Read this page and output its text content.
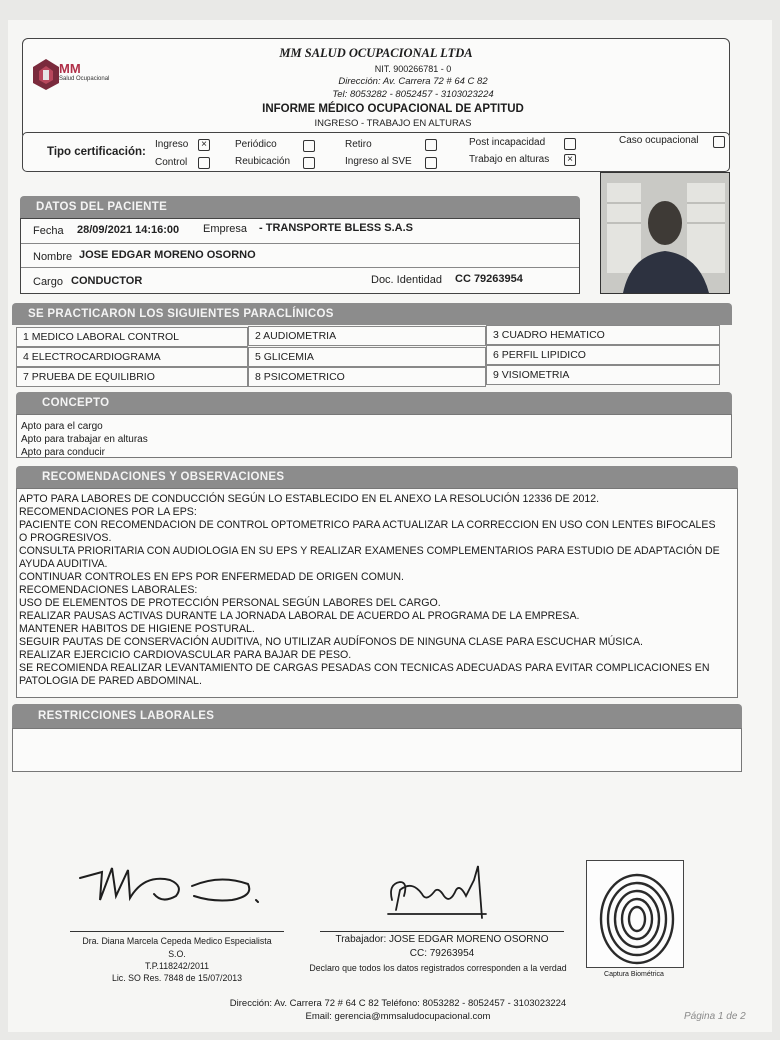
MM
Salud Ocupacional
MM SALUD OCUPACIONAL LTDA
NIT. 900266781 - 0
Dirección: Av. Carrera 72 # 64 C 82
Tel: 8053282 - 8052457 - 3103023224
INFORME MÉDICO OCUPACIONAL DE APTITUD
INGRESO - TRABAJO EN ALTURAS
Tipo certificación:
Ingreso	×	Periódico	Retiro	Post incapacidad	Caso ocupacional
Control	Reubicación	Ingreso al SVE	Trabajo en alturas	×
DATOS DEL PACIENTE
Fecha 28/09/2021 14:16:00 Empresa - TRANSPORTE BLESS S.A.S
Nombre JOSE EDGAR MORENO OSORNO
Cargo CONDUCTOR	Doc. Identidad CC 79263954
SE PRACTICARON LOS SIGUIENTES PARACLÍNICOS
1 MEDICO LABORAL CONTROL	2 AUDIOMETRIA	3 CUADRO HEMATICO
4 ELECTROCARDIOGRAMA	5 GLICEMIA	6 PERFIL LIPIDICO
7 PRUEBA DE EQUILIBRIO	8 PSICOMETRICO	9 VISIOMETRIA
CONCEPTO
Apto para el cargo
Apto para trabajar en alturas
Apto para conducir
RECOMENDACIONES Y OBSERVACIONES
APTO PARA LABORES DE CONDUCCIÓN SEGÚN LO ESTABLECIDO EN EL ANEXO LA RESOLUCIÓN 12336 DE 2012.
RECOMENDACIONES POR LA EPS:
PACIENTE CON RECOMENDACION DE CONTROL OPTOMETRICO PARA ACTUALIZAR LA CORRECCION EN USO CON LENTES BIFOCALES
O PROGRESIVOS.
CONSULTA PRIORITARIA CON AUDIOLOGIA EN SU EPS Y REALIZAR EXAMENES COMPLEMENTARIOS PARA ESTUDIO DE ADAPTACIÓN DE
AYUDA AUDITIVA.
CONTINUAR CONTROLES EN EPS POR ENFERMEDAD DE ORIGEN COMUN.
RECOMENDACIONES LABORALES:
USO DE ELEMENTOS DE PROTECCIÓN PERSONAL SEGÚN LABORES DEL CARGO.
REALIZAR PAUSAS ACTIVAS DURANTE LA JORNADA LABORAL DE ACUERDO AL PROGRAMA DE LA EMPRESA.
MANTENER HABITOS DE HIGIENE POSTURAL.
SEGUIR PAUTAS DE CONSERVACIÓN AUDITIVA, NO UTILIZAR AUDÍFONOS DE NINGUNA CLASE PARA ESCUCHAR MÚSICA.
REALIZAR EJERCICIO CARDIOVASCULAR PARA BAJAR DE PESO.
SE RECOMIENDA REALIZAR LEVANTAMIENTO DE CARGAS PESADAS CON TECNICAS ADECUADAS PARA EVITAR COMPLICACIONES EN
PATOLOGIA DE PARED ABDOMINAL.
RESTRICCIONES LABORALES
Dra. Diana Marcela Cepeda Medico Especialista
S.O.
T.P.118242/2011
Lic. SO Res. 7848 de 15/07/2013
Trabajador: JOSE EDGAR MORENO OSORNO
CC: 79263954
Declaro que todos los datos registrados corresponden a la verdad
Captura Biométrica
Dirección: Av. Carrera 72 # 64 C 82 Teléfono: 8053282 - 8052457 - 3103023224
Email: gerencia@mmsaludocupacional.com	Página 1 de 2
